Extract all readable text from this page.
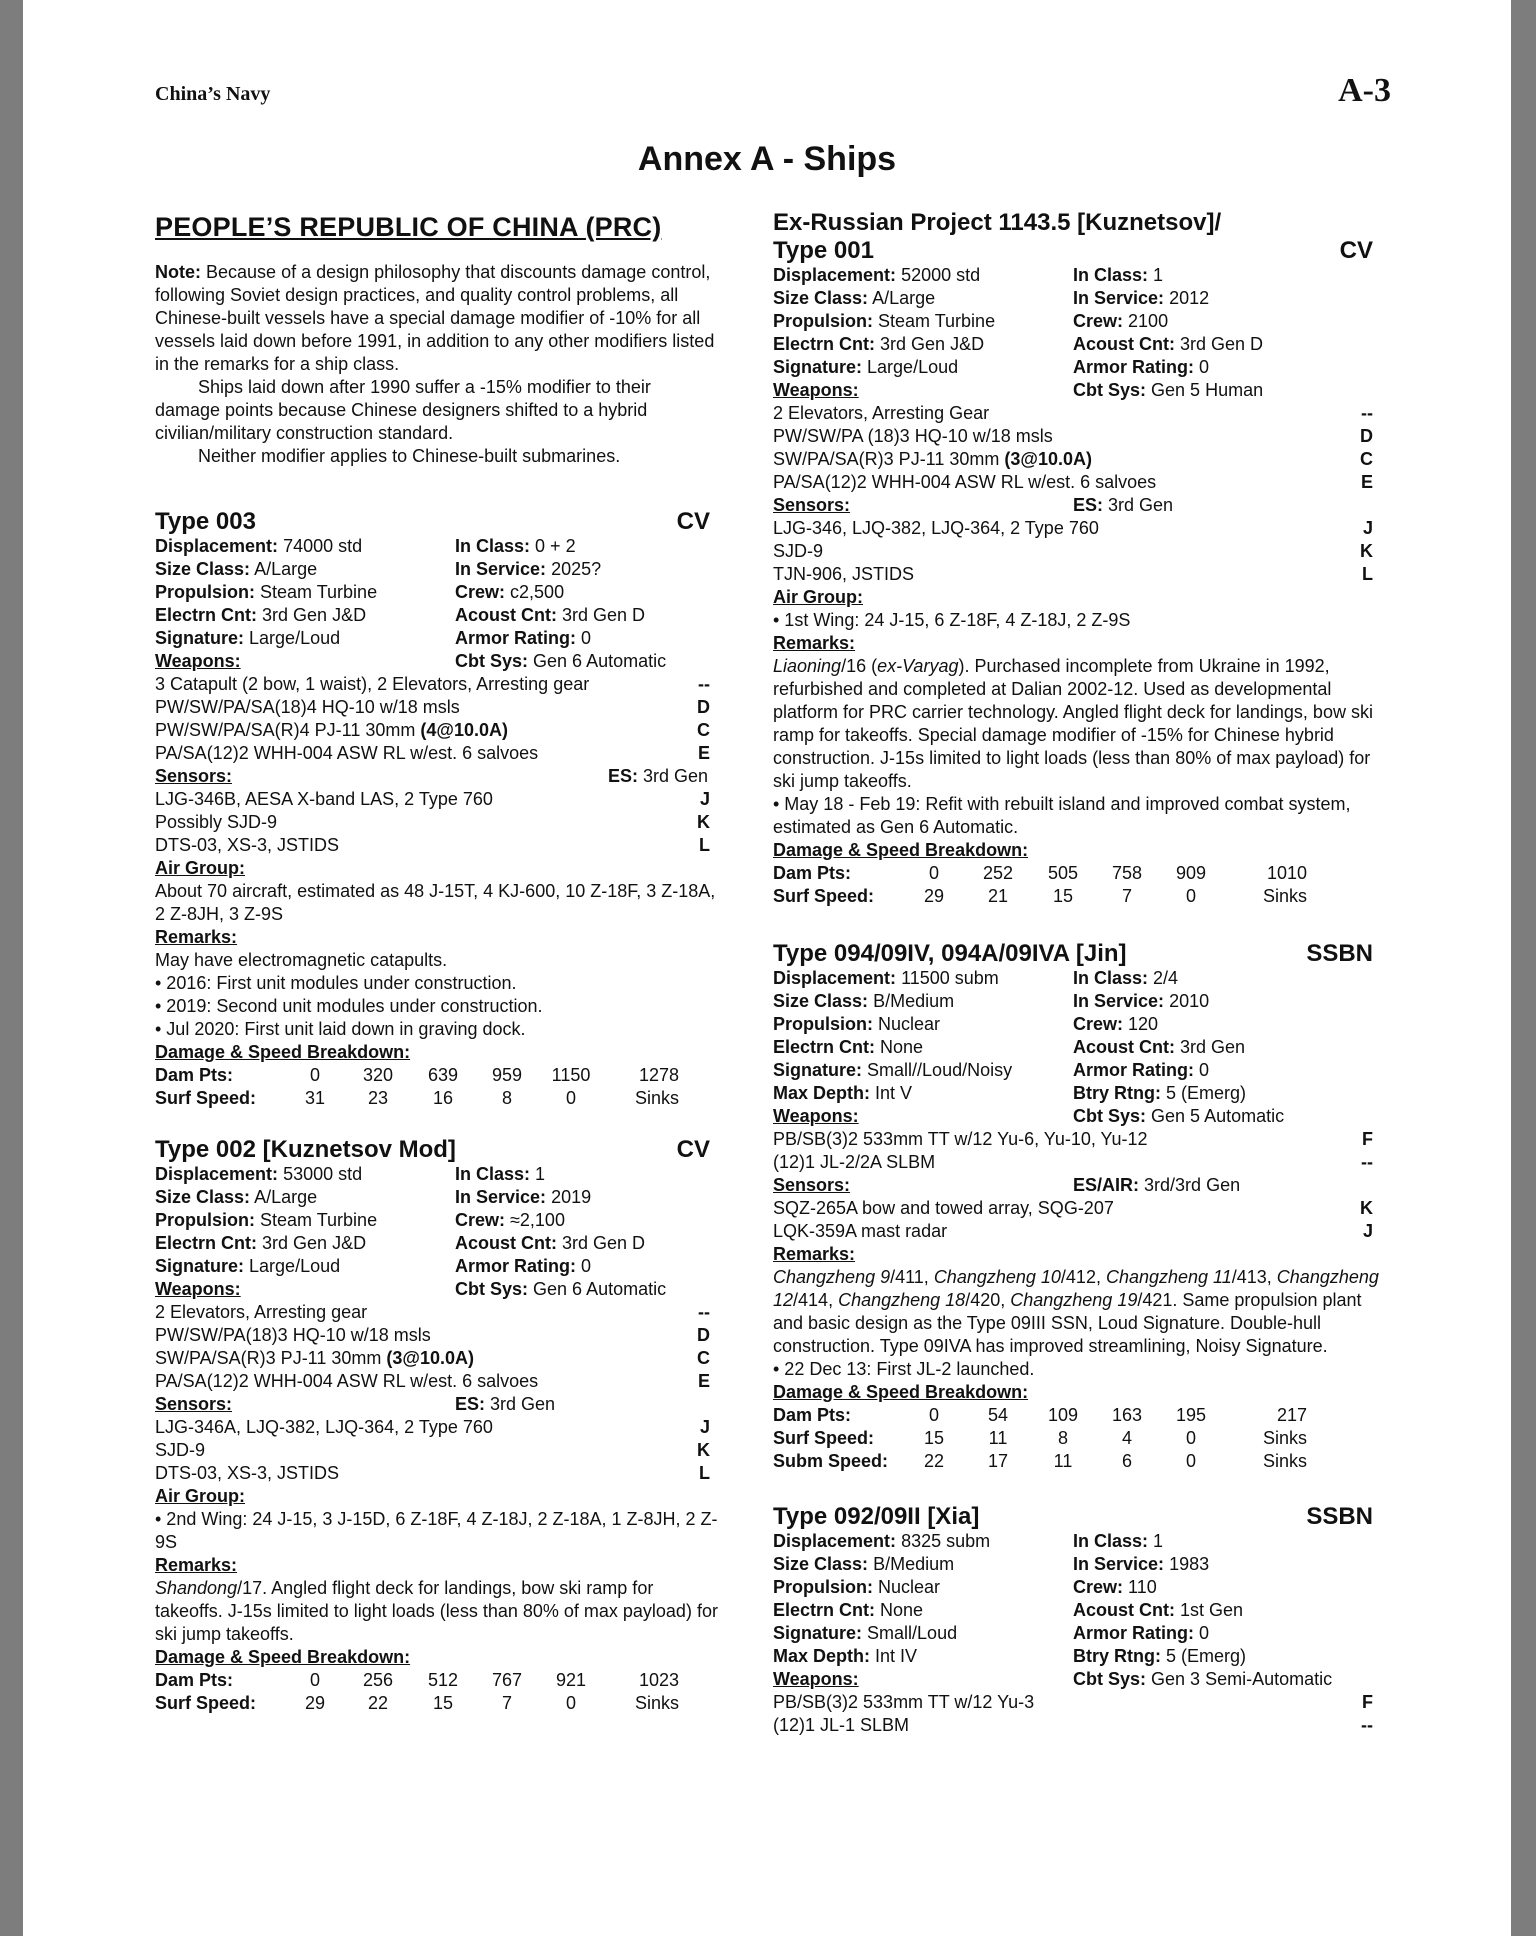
China’s Navy	A-3
Annex A - Ships
PEOPLE’S REPUBLIC OF CHINA (PRC)

Note: Because of a design philosophy that discounts damage control, following Soviet design practices, and quality control problems, all Chinese-built vessels have a special damage modifier of -10% for all vessels laid down before 1991, in addition to any other modifiers listed in the remarks for a ship class.

Ships laid down after 1990 suffer a -15% modifier to their damage points because Chinese designers shifted to a hybrid civilian/military construction standard.

Neither modifier applies to Chinese-built submarines.

Type 003	CV
Displacement: 74000 std	In Class: 0 + 2
Size Class: A/Large	In Service: 2025?
Propulsion: Steam Turbine	Crew: c2,500
Electrn Cnt: 3rd Gen J&D	Acoust Cnt: 3rd Gen D
Signature: Large/Loud	Armor Rating: 0
Weapons:	Cbt Sys: Gen 6 Automatic
3 Catapult (2 bow, 1 waist), 2 Elevators, Arresting gear	--
PW/SW/PA/SA(18)4 HQ-10 w/18 msls	D
PW/SW/PA/SA(R)4 PJ-11 30mm (4@10.0A)	C
PA/SA(12)2 WHH-004 ASW RL w/est. 6 salvoes	E
Sensors:	ES: 3rd Gen
LJG-346B, AESA X-band LAS, 2 Type 760	J
Possibly SJD-9	K
DTS-03, XS-3, JSTIDS	L
Air Group:

About 70 aircraft, estimated as 48 J-15T, 4 KJ-600, 10 Z-18F, 3 Z-18A, 2 Z-8JH, 3 Z-9S

Remarks:

May have electromagnetic catapults.

• 2016: First unit modules under construction.

• 2019: Second unit modules under construction.

• Jul 2020: First unit laid down in graving dock.

Damage & Speed Breakdown:
Dam Pts:	0	320	639	959	1150	1278
Surf Speed:	31	23	16	8	0	Sinks
Type 002 [Kuznetsov Mod]	CV
Displacement: 53000 std	In Class: 1
Size Class: A/Large	In Service: 2019
Propulsion: Steam Turbine	Crew: ≈2,100
Electrn Cnt: 3rd Gen J&D	Acoust Cnt: 3rd Gen D
Signature: Large/Loud	Armor Rating: 0
Weapons:	Cbt Sys: Gen 6 Automatic
2 Elevators, Arresting gear	--
PW/SW/PA(18)3 HQ-10 w/18 msls	D
SW/PA/SA(R)3 PJ-11 30mm (3@10.0A)	C
PA/SA(12)2 WHH-004 ASW RL w/est. 6 salvoes	E
Sensors:	ES: 3rd Gen
LJG-346A, LJQ-382, LJQ-364, 2 Type 760	J
SJD-9	K
DTS-03, XS-3, JSTIDS	L
Air Group:

• 2nd Wing: 24 J-15, 3 J-15D, 6 Z-18F, 4 Z-18J, 2 Z-18A, 1 Z-8JH, 2 Z-9S

Remarks:

Shandong/17. Angled flight deck for landings, bow ski ramp for takeoffs. J-15s limited to light loads (less than 80% of max payload) for ski jump takeoffs.

Damage & Speed Breakdown:
Dam Pts:	0	256	512	767	921	1023
Surf Speed:	29	22	15	7	0	Sinks
Ex-Russian Project 1143.5 [Kuznetsov]/
Type 001	CV
Displacement: 52000 std	In Class: 1
Size Class: A/Large	In Service: 2012
Propulsion: Steam Turbine	Crew: 2100
Electrn Cnt: 3rd Gen J&D	Acoust Cnt: 3rd Gen D
Signature: Large/Loud	Armor Rating: 0
Weapons:	Cbt Sys: Gen 5 Human
2 Elevators, Arresting Gear	--
PW/SW/PA (18)3 HQ-10 w/18 msls	D
SW/PA/SA(R)3 PJ-11 30mm (3@10.0A)	C
PA/SA(12)2 WHH-004 ASW RL w/est. 6 salvoes	E
Sensors:	ES: 3rd Gen
LJG-346, LJQ-382, LJQ-364, 2 Type 760	J
SJD-9	K
TJN-906, JSTIDS	L
Air Group:

• 1st Wing: 24 J-15, 6 Z-18F, 4 Z-18J, 2 Z-9S

Remarks:

Liaoning/16 (ex-Varyag). Purchased incomplete from Ukraine in 1992, refurbished and completed at Dalian 2002-12. Used as developmental platform for PRC carrier technology. Angled flight deck for landings, bow ski ramp for takeoffs. Special damage modifier of -15% for Chinese hybrid construction. J-15s limited to light loads (less than 80% of max payload) for ski jump takeoffs.

• May 18 - Feb 19: Refit with rebuilt island and improved combat system, estimated as Gen 6 Automatic.

Damage & Speed Breakdown:
Dam Pts:	0	252	505	758	909	1010
Surf Speed:	29	21	15	7	0	Sinks
Type 094/09IV, 094A/09IVA [Jin]	SSBN
Displacement: 11500 subm	In Class: 2/4
Size Class: B/Medium	In Service: 2010
Propulsion: Nuclear	Crew: 120
Electrn Cnt: None	Acoust Cnt: 3rd Gen
Signature: Small//Loud/Noisy	Armor Rating: 0
Max Depth: Int V	Btry Rtng: 5 (Emerg)
Weapons:	Cbt Sys: Gen 5 Automatic
PB/SB(3)2 533mm TT w/12 Yu-6, Yu-10, Yu-12	F
(12)1 JL-2/2A SLBM	--
Sensors:	ES/AIR: 3rd/3rd Gen
SQZ-265A bow and towed array, SQG-207	K
LQK-359A mast radar	J
Remarks:

Changzheng 9/411, Changzheng 10/412, Changzheng 11/413, Changzheng 12/414, Changzheng 18/420, Changzheng 19/421. Same propulsion plant and basic design as the Type 09III SSN, Loud Signature. Double-hull construction. Type 09IVA has improved streamlining, Noisy Signature.

• 22 Dec 13: First JL-2 launched.

Damage & Speed Breakdown:
Dam Pts:	0	54	109	163	195	217
Surf Speed:	15	11	8	4	0	Sinks
Subm Speed:	22	17	11	6	0	Sinks
Type 092/09II [Xia]	SSBN
Displacement: 8325 subm	In Class: 1
Size Class: B/Medium	In Service: 1983
Propulsion: Nuclear	Crew: 110
Electrn Cnt: None	Acoust Cnt: 1st Gen
Signature: Small/Loud	Armor Rating: 0
Max Depth: Int IV	Btry Rtng: 5 (Emerg)
Weapons:	Cbt Sys: Gen 3 Semi-Automatic
PB/SB(3)2 533mm TT w/12 Yu-3	F
(12)1 JL-1 SLBM	--
